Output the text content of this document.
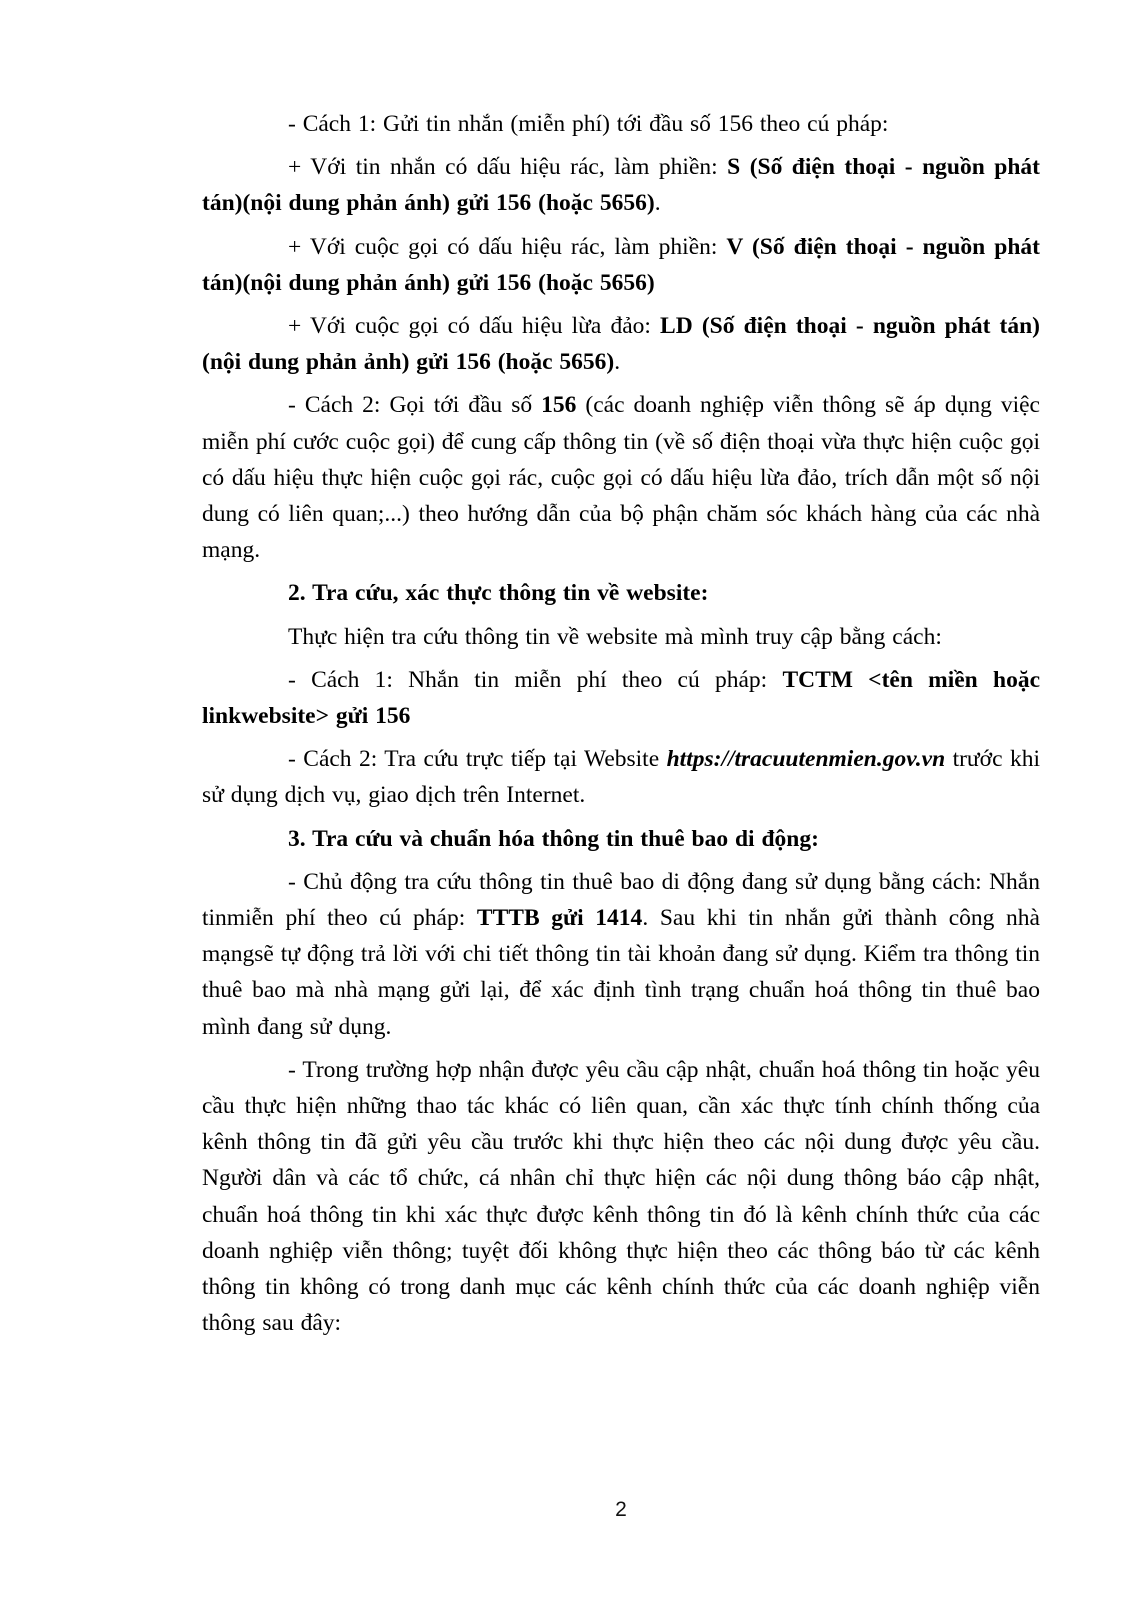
- Cách 1: Gửi tin nhắn (miễn phí) tới đầu số 156 theo cú pháp:

+ Với tin nhắn có dấu hiệu rác, làm phiền: S (Số điện thoại - nguồn phát tán)(nội dung phản ánh) gửi 156 (hoặc 5656).

+ Với cuộc gọi có dấu hiệu rác, làm phiền: V (Số điện thoại - nguồn phát tán)(nội dung phản ánh) gửi 156 (hoặc 5656)

+ Với cuộc gọi có dấu hiệu lừa đảo: LD (Số điện thoại - nguồn phát tán) (nội dung phản ảnh) gửi 156 (hoặc 5656).

- Cách 2: Gọi tới đầu số 156 (các doanh nghiệp viễn thông sẽ áp dụng việc miễn phí cước cuộc gọi) để cung cấp thông tin (về số điện thoại vừa thực hiện cuộc gọi có dấu hiệu thực hiện cuộc gọi rác, cuộc gọi có dấu hiệu lừa đảo, trích dẫn một số nội dung có liên quan;...) theo hướng dẫn của bộ phận chăm sóc khách hàng của các nhà mạng.

2. Tra cứu, xác thực thông tin về website:

Thực hiện tra cứu thông tin về website mà mình truy cập bằng cách:

- Cách 1: Nhắn tin miễn phí theo cú pháp: TCTM <tên miền hoặc linkwebsite> gửi 156

- Cách 2: Tra cứu trực tiếp tại Website https://tracuutenmien.gov.vn trước khi sử dụng dịch vụ, giao dịch trên Internet.

3. Tra cứu và chuẩn hóa thông tin thuê bao di động:

- Chủ động tra cứu thông tin thuê bao di động đang sử dụng bằng cách: Nhắn tinmiễn phí theo cú pháp: TTTB gửi 1414. Sau khi tin nhắn gửi thành công nhà mạngsẽ tự động trả lời với chi tiết thông tin tài khoản đang sử dụng. Kiểm tra thông tin thuê bao mà nhà mạng gửi lại, để xác định tình trạng chuẩn hoá thông tin thuê bao mình đang sử dụng.

- Trong trường hợp nhận được yêu cầu cập nhật, chuẩn hoá thông tin hoặc yêu cầu thực hiện những thao tác khác có liên quan, cần xác thực tính chính thống của kênh thông tin đã gửi yêu cầu trước khi thực hiện theo các nội dung được yêu cầu. Người dân và các tổ chức, cá nhân chỉ thực hiện các nội dung thông báo cập nhật, chuẩn hoá thông tin khi xác thực được kênh thông tin đó là kênh chính thức của các doanh nghiệp viễn thông; tuyệt đối không thực hiện theo các thông báo từ các kênh thông tin không có trong danh mục các kênh chính thức của các doanh nghiệp viễn thông sau đây:

2
